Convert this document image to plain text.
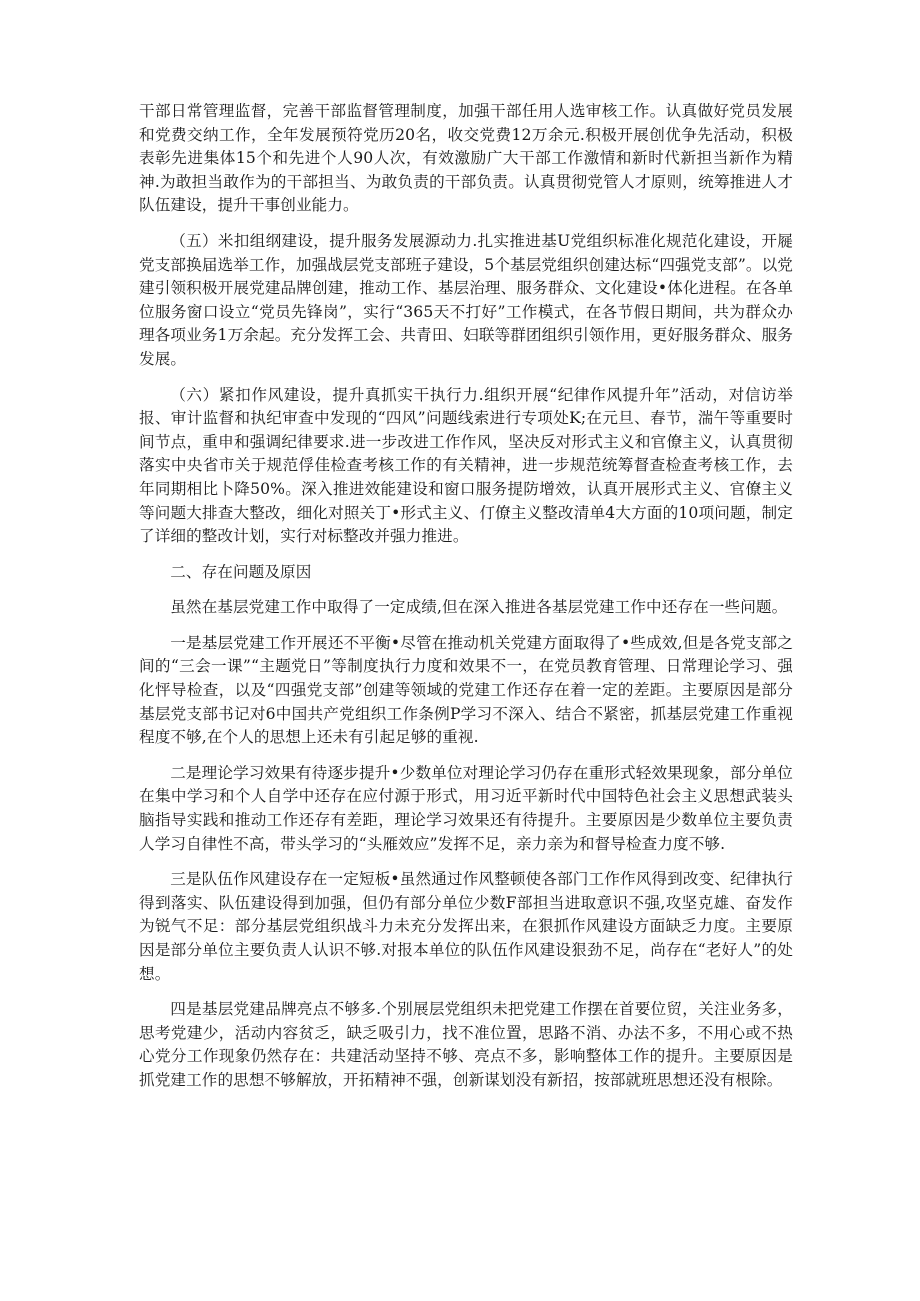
干部日常管理监督，完善干部监督管理制度，加强干部任用人选审核工作。认真做好党员发展和党费交纳工作，全年发展预符党历20名，收交党费12万余元.积极开展创优争先活动，积极表彰先进集体15个和先进个人90人次，有效激励广大干部工作激情和新时代新担当新作为精神.为敢担当敢作为的干部担当、为敢负责的干部负责。认真贯彻党管人才原则，统筹推进人才队伍建设，提升干事创业能力。

（五）米扣组纲建设，提升服务发展源动力.扎实推进基U党组织标准化规范化建设，开屣党支部换届选举工作，加强战层党支部班子建设，5个基层党组织创建达标“四强党支部”。以党建引领积极开展党建品牌创建，推动工作、基层治理、服务群众、文化建设•体化进程。在各单位服务窗口设立“党员先锋岗”，实行“365天不打好”工作模式，在各节假日期间，共为群众办理各项业务1万余起。充分发挥工会、共青田、妇联等群团组织引领作用，更好服务群众、服务发展。

（六）紧扣作风建设，提升真抓实干执行力.组织开展“纪律作风提升年”活动，对信访举报、审计监督和执纪审查中发现的“四风”问题线索进行专项处K;在元旦、春节，湍午等重要时间节点，重申和强调纪律要求.进一步改进工作作风，坚决反对形式主义和官僚主义，认真贯彻落实中央省市关于规范俘佳检查考核工作的有关精神，进一步规范统筹督查检查考核工作，去年同期相比卜降50%。深入推进效能建设和窗口服务提防增效，认真开展形式主义、官僚主义等问题大排查大整改，细化对照关丁•形式主义、仃僚主义整改清单4大方面的10项问题，制定了详细的整改计划，实行对标整改并强力推进。

二、存在问题及原因

虽然在基层党建工作中取得了一定成绩,但在深入推进各基层党建工作中还存在一些问题。

一是基层党建工作开展还不平衡•尽管在推动机关党建方面取得了•些成效,但是各党支部之间的“三会一课”“主题党日”等制度执行力度和效果不一，在党员教育管理、日常理论学习、强化怦导检查，以及“四强党支部”创建等领域的党建工作还存在着一定的差距。主要原因是部分基层党支部书记对6中国共产党组织工作条例P学习不深入、结合不紧密，抓基层党建工作重视程度不够,在个人的思想上还未有引起足够的重视.

二是理论学习效果有待逐步提升•少数单位对理论学习仍存在重形式轻效果现象，部分单位在集中学习和个人自学中还存在应付源于形式，用习近平新时代中国特色社会主义思想武装头脑指导实践和推动工作还存有差距，理论学习效果还有待提升。主要原因是少数单位主要负责人学习自律性不高，带头学习的“头雁效应”发挥不足，亲力亲为和督导检查力度不够.

三是队伍作风建设存在一定短板•虽然通过作风整顿使各部门工作作风得到改变、纪律执行得到落实、队伍建设得到加强，但仍有部分单位少数F部担当进取意识不强,攻坚克雄、奋发作为锐气不足：部分基层党组织战斗力未充分发挥出来，在狠抓作风建设方面缺乏力度。主要原因是部分单位主要负责人认识不够.对报本单位的队伍作风建设狠劲不足，尚存在“老好人”的处想。

四是基层党建品牌亮点不够多.个别展层党组织未把党建工作摆在首要位贸，关注业务多，思考党建少，活动内容贫乏，缺乏吸引力，找不准位置，思路不消、办法不多，不用心或不热心党分工作现象仍然存在：共建活动坚持不够、亮点不多，影响整体工作的提升。主要原因是抓党建工作的思想不够解放，开拓精神不强，创新谋划没有新招，按部就班思想还没有根除。
